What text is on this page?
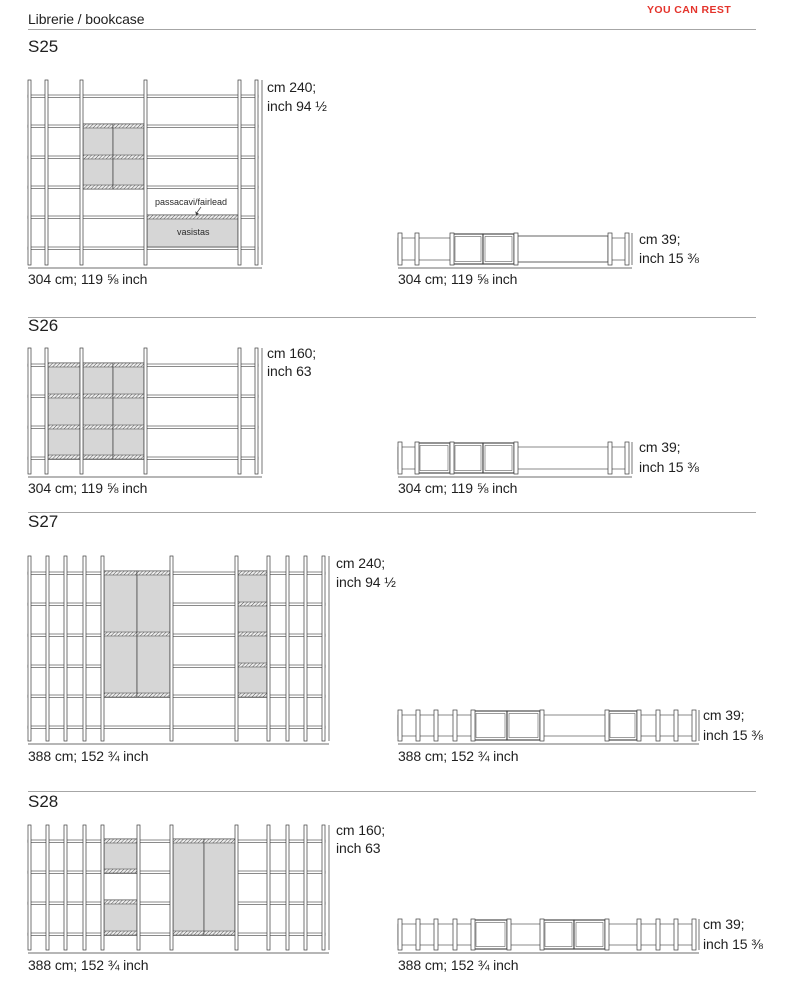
Librerie / bookcase
YOU CAN REST
S25
cm 240;
inch 94 ½
304 cm; 119 ⅝ inch
cm 39;
inch 15 ⅜
304 cm; 119 ⅝ inch
passacavi/fairlead
vasistas
S26
cm 160;
inch 63
304 cm; 119 ⅝ inch
cm 39;
inch 15 ⅜
304 cm; 119 ⅝ inch
S27
cm 240;
inch 94 ½
388 cm; 152 ¾ inch
cm 39;
inch 15 ⅜
388 cm; 152 ¾ inch
S28
cm 160;
inch 63
388 cm; 152 ¾ inch
cm 39;
inch 15 ⅜
388 cm; 152 ¾ inch
